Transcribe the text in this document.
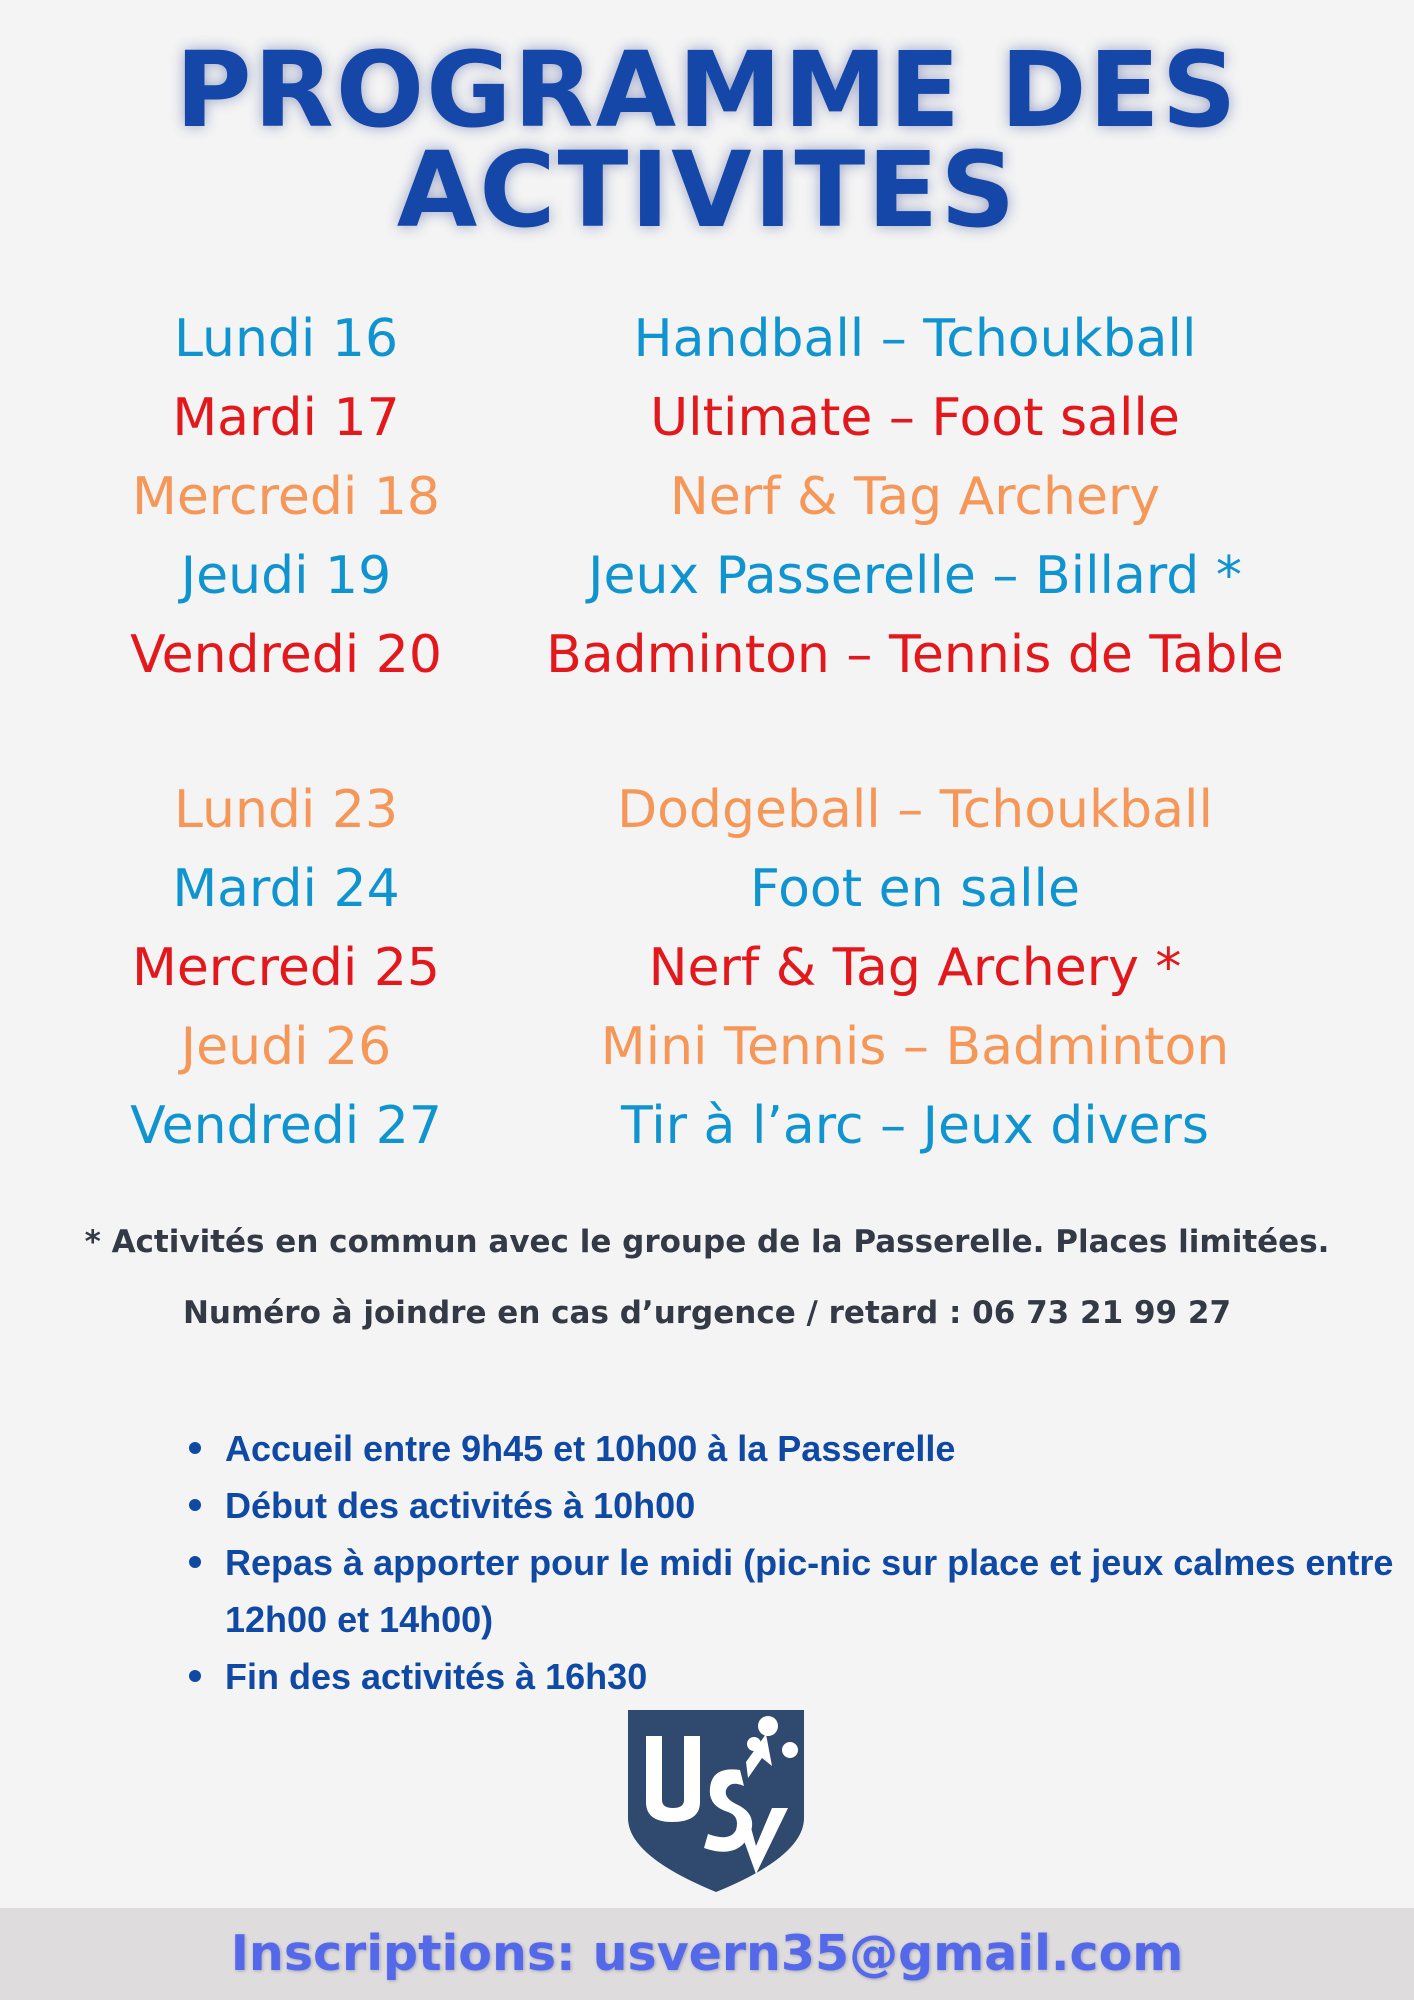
PROGRAMME DES
ACTIVITES
Lundi 16	Handball – Tchoukball
Mardi 17	Ultimate – Foot salle
Mercredi 18	Nerf & Tag Archery
Jeudi 19	Jeux Passerelle – Billard *
Vendredi 20	Badminton – Tennis de Table
Lundi 23	Dodgeball – Tchoukball
Mardi 24	Foot en salle
Mercredi 25	Nerf & Tag Archery *
Jeudi 26	Mini Tennis – Badminton
Vendredi 27	Tir à l’arc – Jeux divers
* Activités en commun avec le groupe de la Passerelle. Places limitées.
Numéro à joindre en cas d’urgence / retard : 06 73 21 99 27
Accueil entre 9h45 et 10h00 à la Passerelle
Début des activités à 10h00
Repas à apporter pour le midi (pic-nic sur place et jeux calmes entre 12h00 et 14h00)
Fin des activités à 16h30
Inscriptions: usvern35@gmail.com
